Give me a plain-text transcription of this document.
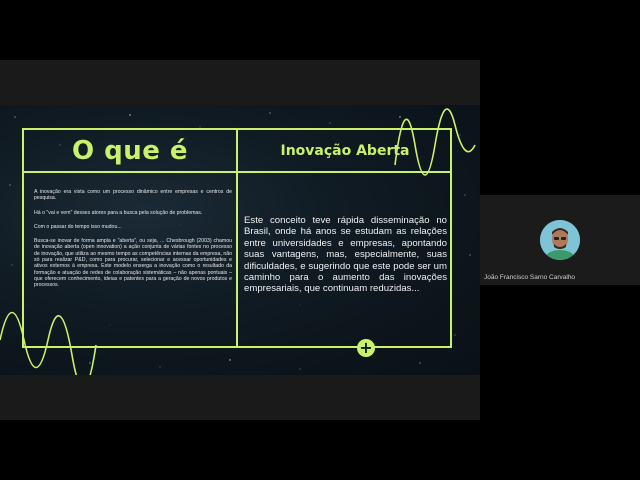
O que é	Inovação Aberta

A inovação era vista como um processo dinâmico entre empresas e centros de pesquisa.

Há o "vai e vem" desses atores para a busca pela solução de problemas.

Com o passar do tempo isso mudou...

Busca-se inovar de forma ampla e "aberta", ou seja, ... Chesbrough (2003) chamou de inovação aberta (open innovation) a ação conjunta de várias fontes no processo de inovação, que utiliza ao mesmo tempo as competências internas da empresa, não só para realizar P&D, como para procurar, selecionar e acessar oportunidades e ativos externos à empresa. Este modelo enxerga a inovação como o resultado da formação e atuação de redes de colaboração sistemáticas – não apenas pontuais – que oferecem conhecimento, ideias e patentes para a geração de novos produtos e processos.

Este conceito teve rápida disseminação no Brasil, onde há anos se estudam as relações entre universidades e empresas, apontando suas vantagens, mas, especialmente, suas dificuldades, e sugerindo que este pode ser um caminho para o aumento das inovações empresariais, que continuam reduzidas...
+
João Francisco Sarno Carvalho
